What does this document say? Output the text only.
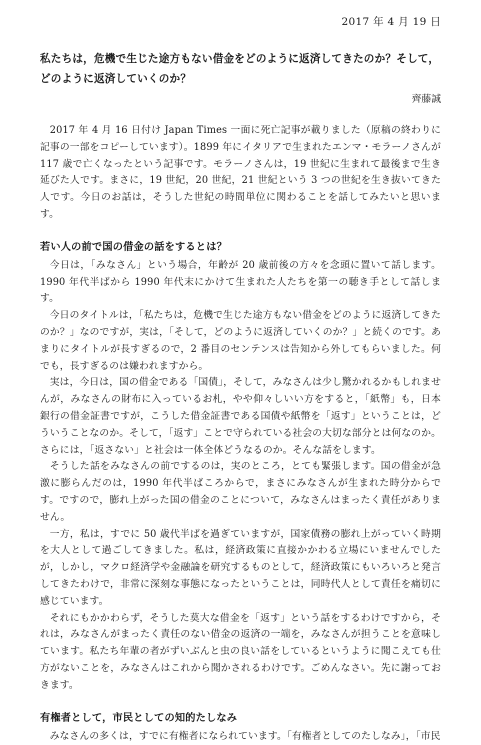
2017 年 4 月 19 日

私たちは，危機で生じた途方もない借金をどのように返済してきたのか？そして，どのように返済していくのか？

齊藤誠

2017 年 4 月 16 日付け Japan Times 一面に死亡記事が載りました（原稿の終わりに記事の一部をコピーしています）。1899 年にイタリアで生まれたエンマ・モラーノさんが 117 歳で亡くなったという記事です。モラーノさんは，19 世紀に生まれて最後まで生き延びた人です。まさに，19 世紀，20 世紀，21 世紀という 3 つの世紀を生き抜いてきた人です。今日のお話は，そうした世紀の時間単位に関わることを話してみたいと思います。

若い人の前で国の借金の話をするとは？

今日は，「みなさん」という場合，年齢が 20 歳前後の方々を念頭に置いて話します。1990 年代半ばから 1990 年代末にかけて生まれた人たちを第一の聴き手として話します。

今日のタイトルは，「私たちは，危機で生じた途方もない借金をどのように返済してきたのか？」なのですが，実は，「そして，どのように返済していくのか？」と続くのです。あまりにタイトルが長すぎるので，2 番目のセンテンスは告知から外してもらいました。何でも，長すぎるのは嫌われますから。

実は，今日は，国の借金である「国債」，そして，みなさんは少し驚かれるかもしれませんが，みなさんの財布に入っているお札，やや仰々しいい方をすると，「紙幣」も，日本銀行の借金証書ですが，こうした借金証書である国債や紙幣を「返す」ということは，どういうことなのか。そして，「返す」ことで守られている社会の大切な部分とは何なのか。さらには，「返さない」と社会は一体全体どうなるのか。そんな話をします。

そうした話をみなさんの前でするのは，実のところ，とても緊張します。国の借金が急激に膨らんだのは，1990 年代半ばころからで，まさにみなさんが生まれた時分からです。ですので，膨れ上がった国の借金のことについて，みなさんはまったく責任がありません。

一方，私は，すでに 50 歳代半ばを過ぎていますが，国家債務の膨れ上がっていく時期を大人として過ごしてきました。私は，経済政策に直接かかわる立場にいませんでしたが，しかし，マクロ経済学や金融論を研究するものとして，経済政策にもいろいろと発言してきたわけで，非常に深刻な事態になったということは，同時代人として責任を痛切に感じています。

それにもかかわらず，そうした莫大な借金を「返す」という話をするわけですから，それは，みなさんがまったく責任のない借金の返済の一端を，みなさんが担うことを意味しています。私たち年輩の者がずいぶんと虫の良い話をしているというように聞こえても仕方がないことを，みなさんはこれから聞かされるわけです。ごめんなさい。先に謝っておきます。

有権者として，市民としての知的たしなみ

みなさんの多くは，すでに有権者になられています。「有権者としてのたしなみ」，「市民
